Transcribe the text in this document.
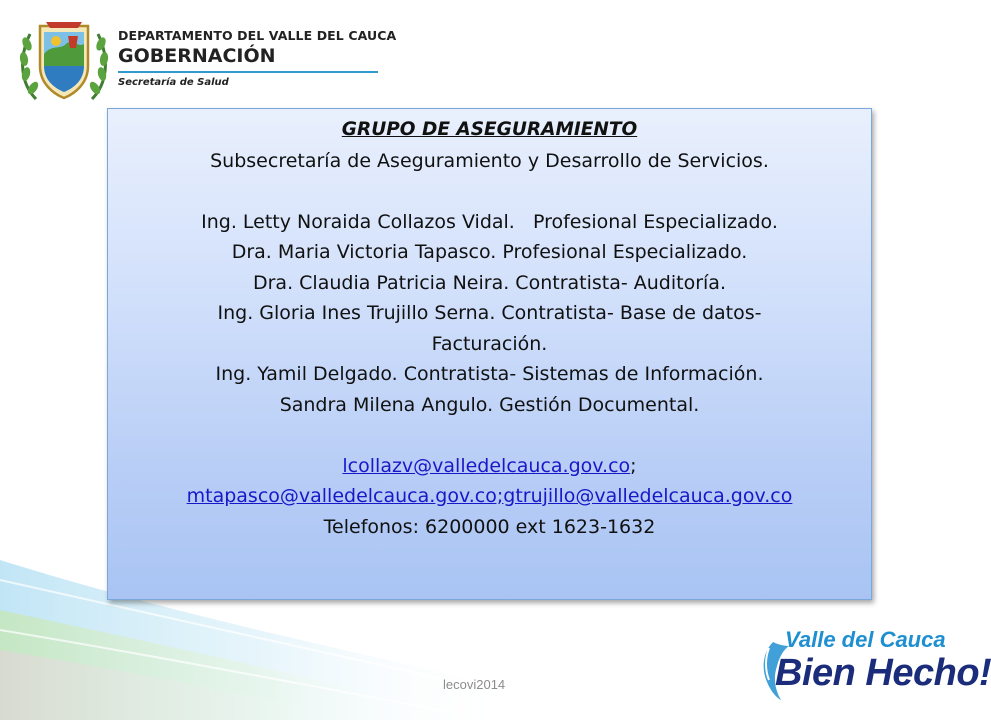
DEPARTAMENTO DEL VALLE DEL CAUCA
GOBERNACIÓN
Secretaría de Salud
GRUPO DE ASEGURAMIENTO
Subsecretaría de Aseguramiento y Desarrollo de Servicios.
Ing. Letty Noraida Collazos Vidal.   Profesional Especializado.
Dra. Maria Victoria Tapasco. Profesional Especializado.
Dra. Claudia Patricia Neira. Contratista- Auditoría.
Ing. Gloria Ines Trujillo Serna. Contratista- Base de datos-Facturación.
Ing. Yamil Delgado. Contratista- Sistemas de Información.
Sandra Milena Angulo. Gestión Documental.
lcollazv@valledelcauca.gov.co;
mtapasco@valledelcauca.gov.co;gtrujillo@valledelcauca.gov.co
Telefonos: 6200000 ext 1623-1632
lecovi2014
Valle del Cauca
Bien Hecho!
